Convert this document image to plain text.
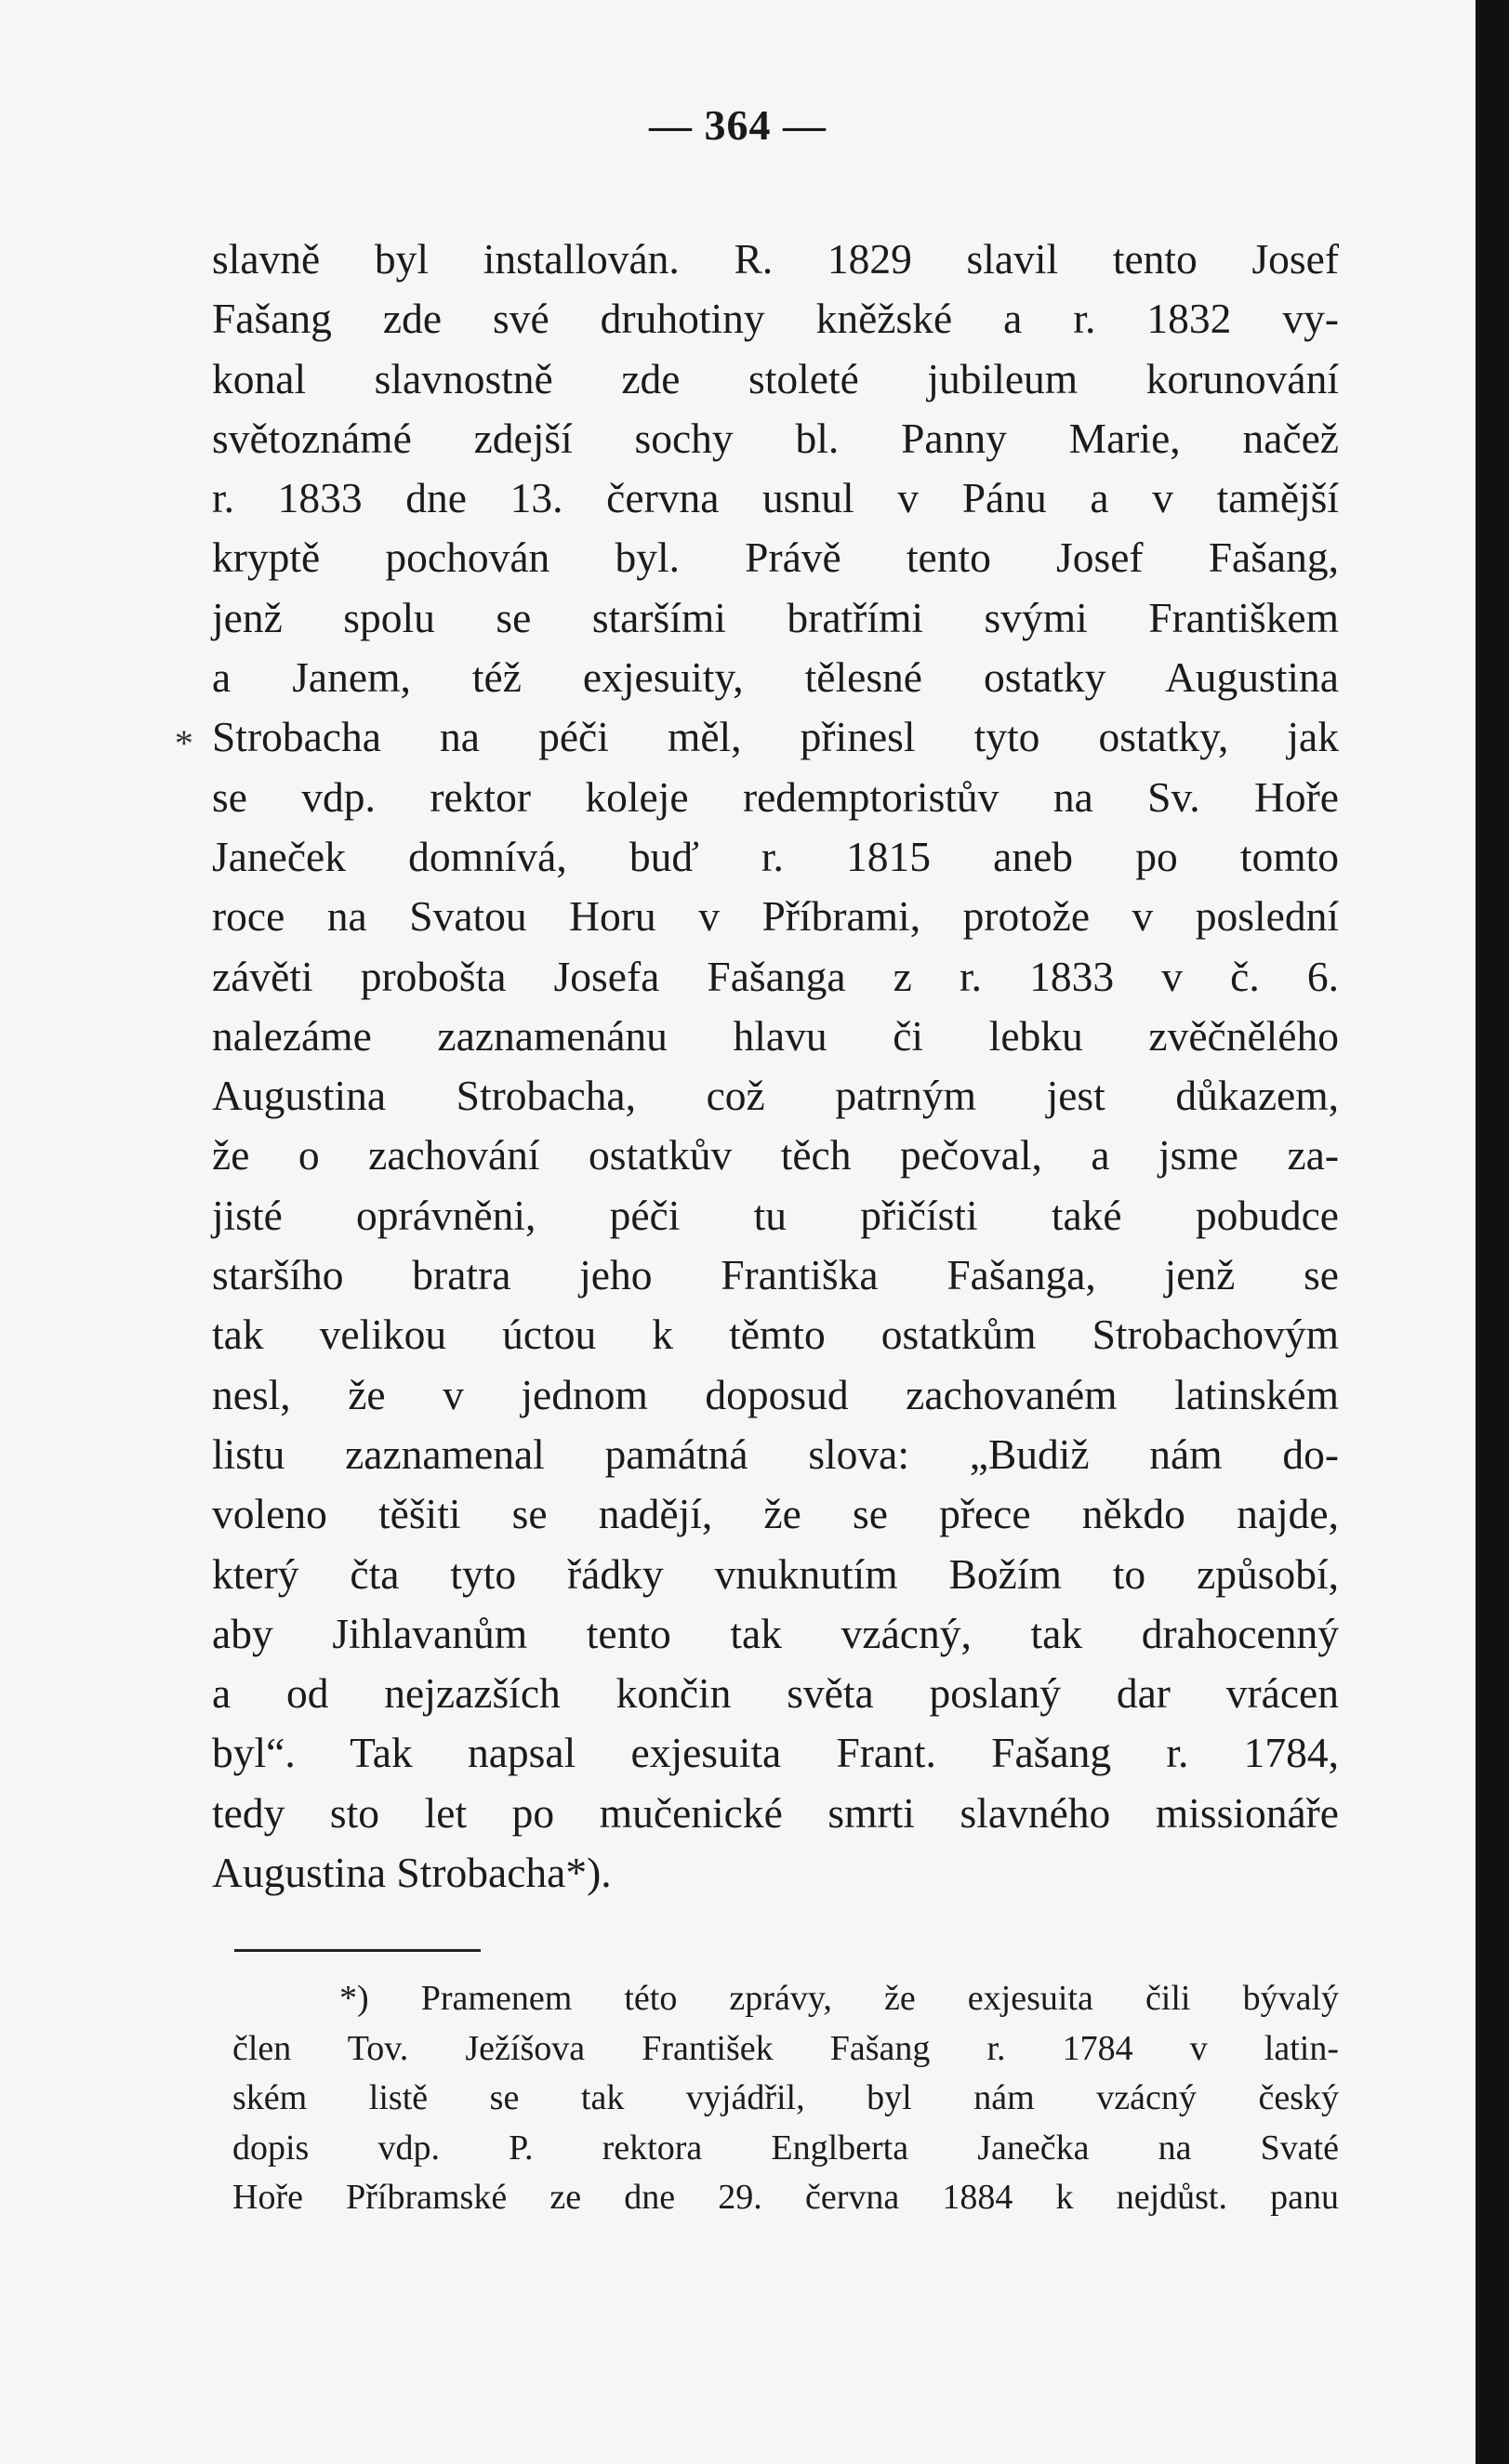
— 364 —
*
slavně byl installován. R. 1829 slavil tento Josef
Fašang zde své druhotiny kněžské a r. 1832 vy-
konal slavnostně zde stoleté jubileum korunování
světoznámé zdejší sochy bl. Panny Marie, načež
r. 1833 dne 13. června usnul v Pánu a v tamější
kryptě pochován byl. Právě tento Josef Fašang,
jenž spolu se staršími bratřími svými Františkem
a Janem, též exjesuity, tělesné ostatky Augustina
Strobacha na péči měl, přinesl tyto ostatky, jak
se vdp. rektor koleje redemptoristův na Sv. Hoře
Janeček domnívá, buď r. 1815 aneb po tomto
roce na Svatou Horu v Příbrami, protože v poslední
závěti probošta Josefa Fašanga z r. 1833 v č. 6.
nalezáme zaznamenánu hlavu či lebku zvěčnělého
Augustina Strobacha, což patrným jest důkazem,
že o zachování ostatkův těch pečoval, a jsme za-
jisté oprávněni, péči tu přičísti také pobudce
staršího bratra jeho Františka Fašanga, jenž se
tak velikou úctou k těmto ostatkům Strobachovým
nesl, že v jednom doposud zachovaném latinském
listu zaznamenal památná slova: „Budiž nám do-
voleno těšiti se nadějí, že se přece někdo najde,
který čta tyto řádky vnuknutím Božím to způsobí,
aby Jihlavanům tento tak vzácný, tak drahocenný
a od nejzazších končin světa poslaný dar vrácen
byl“. Tak napsal exjesuita Frant. Fašang r. 1784,
tedy sto let po mučenické smrti slavného missionáře
Augustina Strobacha*).
*) Pramenem této zprávy, že exjesuita čili bývalý
člen Tov. Ježíšova František Fašang r. 1784 v latin-
ském listě se tak vyjádřil, byl nám vzácný český
dopis vdp. P. rektora Englberta Janečka na Svaté
Hoře Příbramské ze dne 29. června 1884 k nejdůst. panu
